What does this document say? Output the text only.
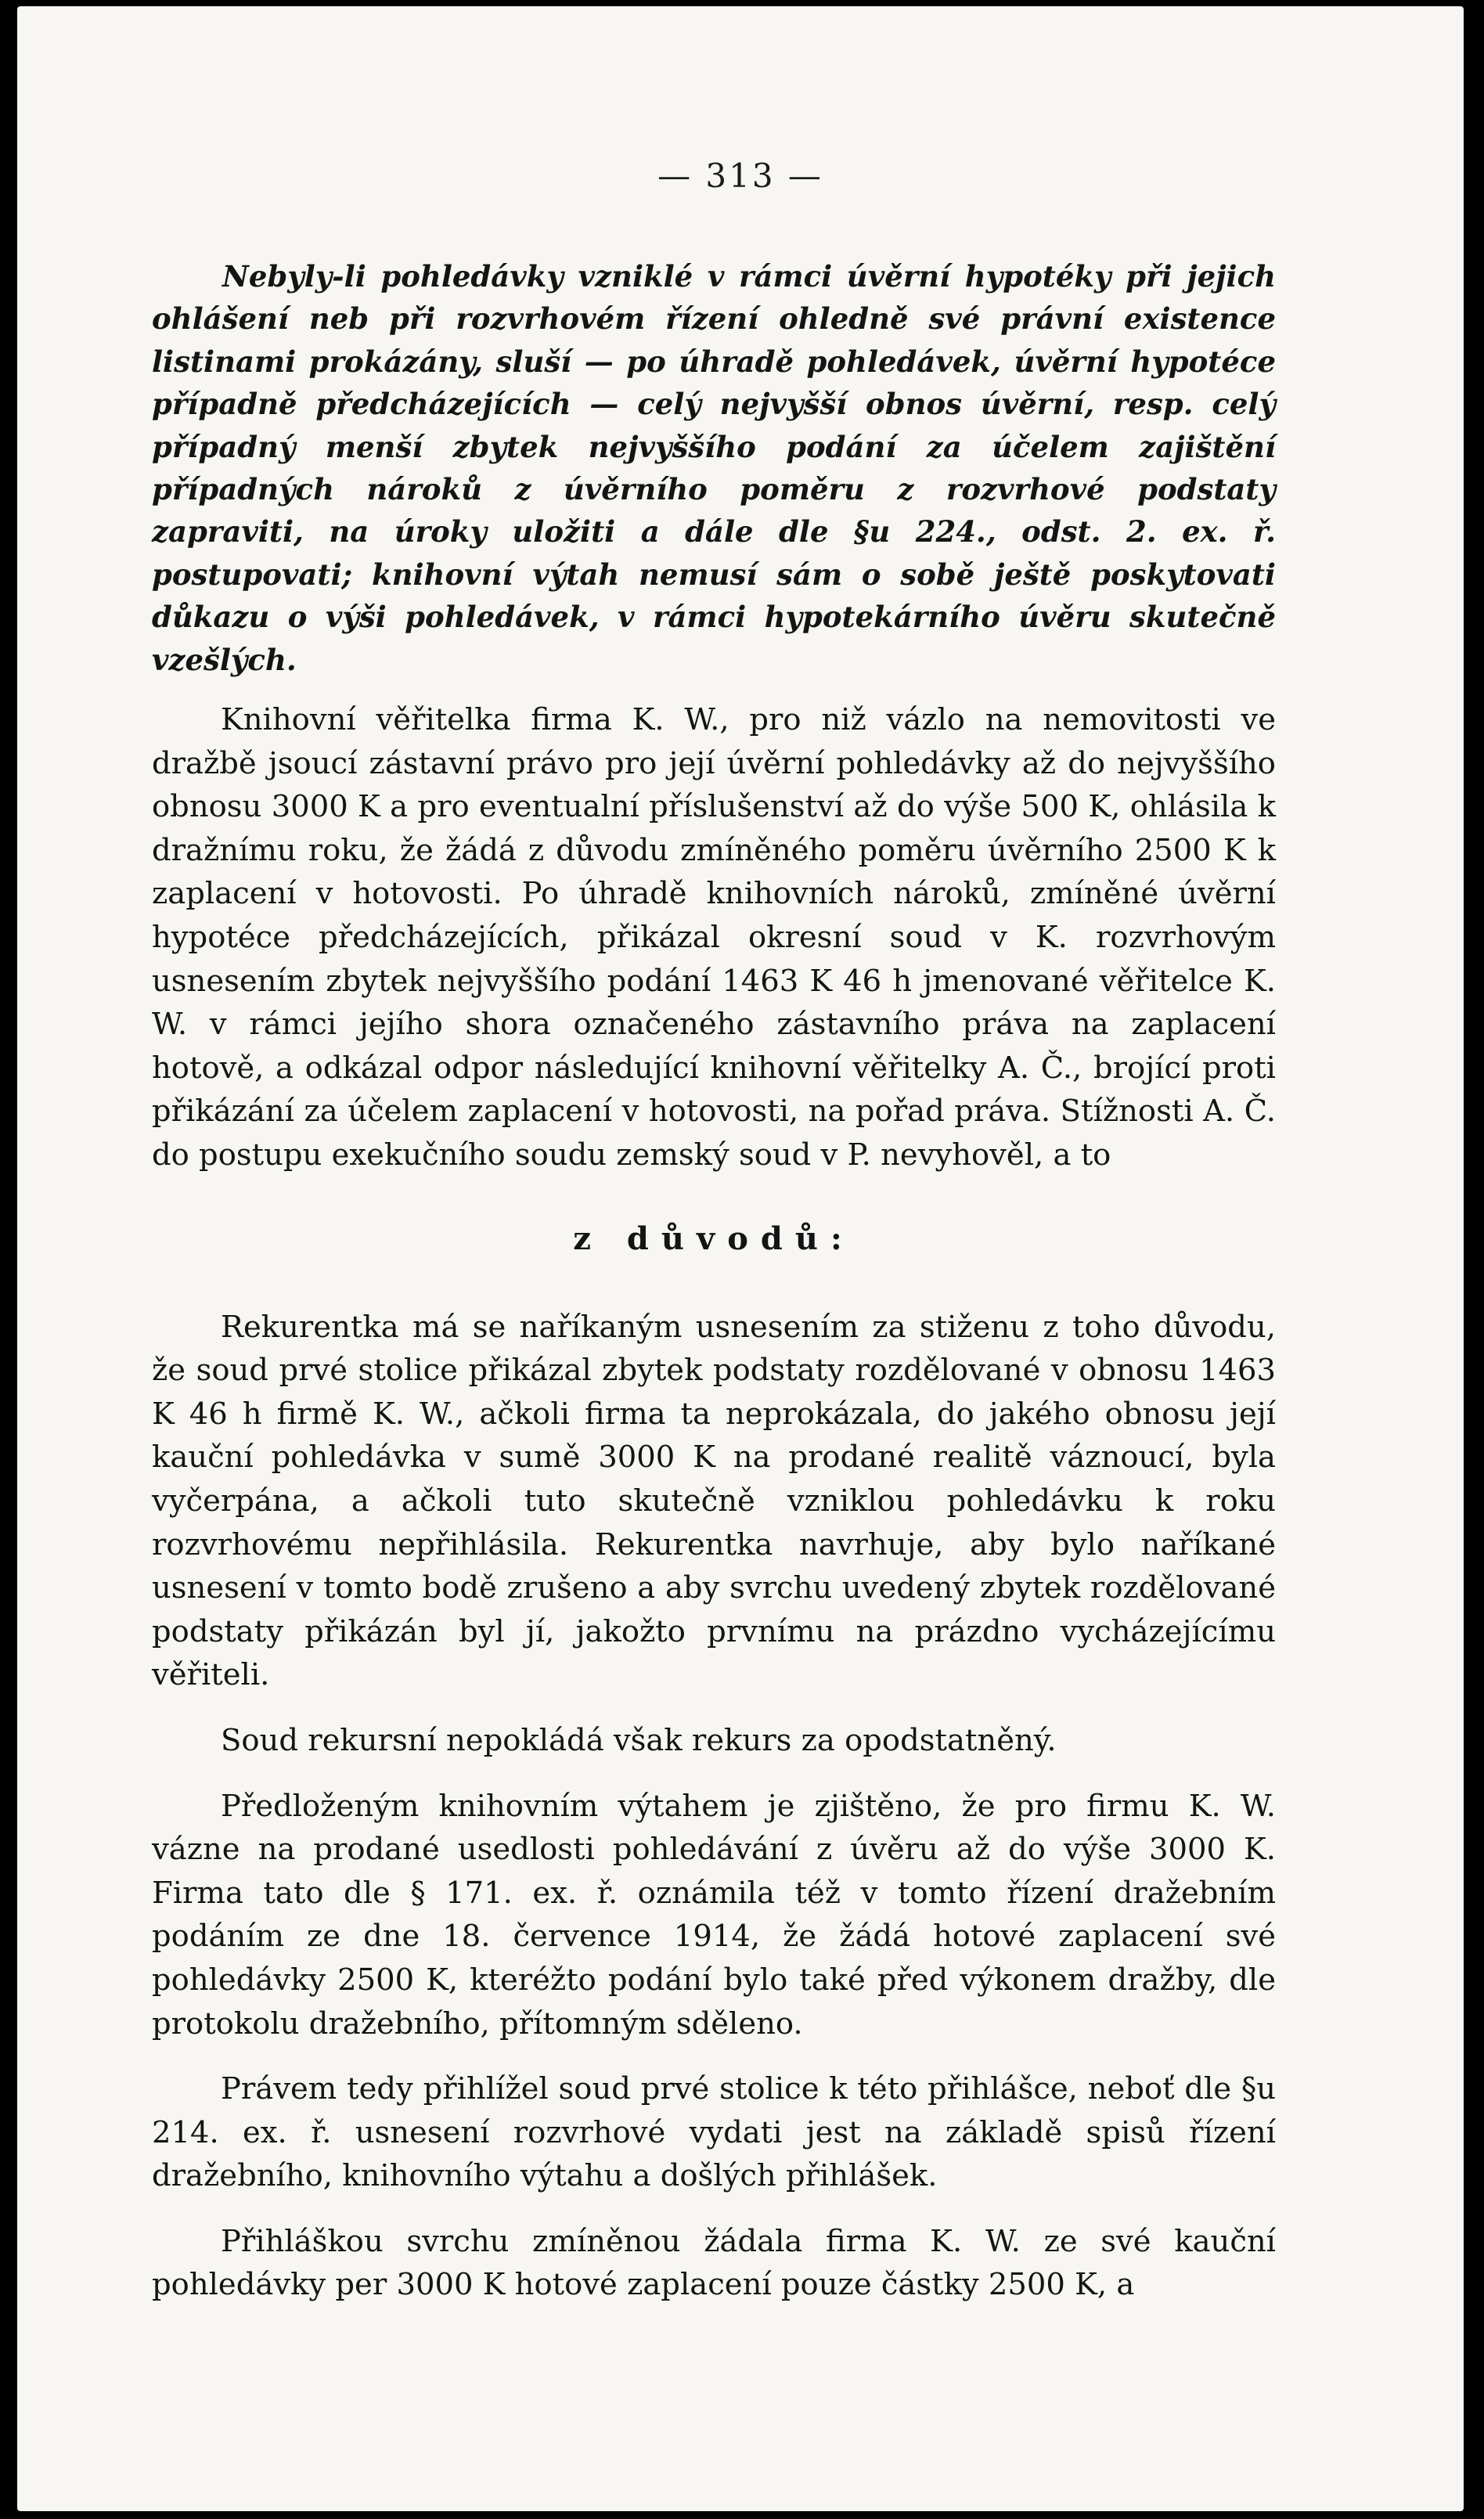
— 313 —

Nebyly-li pohledávky vzniklé v rámci úvěrní hypotéky při jejich ohlášení neb při rozvrhovém řízení ohledně své právní existence listinami prokázány, sluší — po úhradě pohledávek, úvěrní hypotéce případně předcházejících — celý nejvyšší obnos úvěrní, resp. celý případný menší zbytek nejvyššího podání za účelem zajištění případných nároků z úvěrního poměru z rozvrhové podstaty zapraviti, na úroky uložiti a dále dle §u 224., odst. 2. ex. ř. postupovati; knihovní výtah nemusí sám o sobě ještě poskytovati důkazu o výši pohledávek, v rámci hypotekárního úvěru skutečně vzešlých.

Knihovní věřitelka firma K. W., pro niž vázlo na nemovitosti ve dražbě jsoucí zástavní právo pro její úvěrní pohledávky až do nejvyššího obnosu 3000 K a pro eventualní příslušenství až do výše 500 K, ohlásila k dražnímu roku, že žádá z důvodu zmíněného poměru úvěrního 2500 K k zaplacení v hotovosti. Po úhradě knihovních nároků, zmíněné úvěrní hypotéce předcházejících, přikázal okresní soud v K. rozvrhovým usnesením zbytek nejvyššího podání 1463 K 46 h jmenované věřitelce K. W. v rámci jejího shora označeného zástavního práva na zaplacení hotově, a odkázal odpor následující knihovní věřitelky A. Č., brojící proti přikázání za účelem zaplacení v hotovosti, na pořad práva. Stížnosti A. Č. do postupu exekučního soudu zemský soud v P. nevyhověl, a to

z důvodů:

Rekurentka má se naříkaným usnesením za stiženu z toho důvodu, že soud prvé stolice přikázal zbytek podstaty rozdělované v obnosu 1463 K 46 h firmě K. W., ačkoli firma ta neprokázala, do jakého obnosu její kauční pohledávka v sumě 3000 K na prodané realitě váznoucí, byla vyčerpána, a ačkoli tuto skutečně vzniklou pohledávku k roku rozvrhovému nepřihlásila. Rekurentka navrhuje, aby bylo naříkané usnesení v tomto bodě zrušeno a aby svrchu uvedený zbytek rozdělované podstaty přikázán byl jí, jakožto prvnímu na prázdno vycházejícímu věřiteli.

Soud rekursní nepokládá však rekurs za opodstatněný.

Předloženým knihovním výtahem je zjištěno, že pro firmu K. W. vázne na prodané usedlosti pohledávání z úvěru až do výše 3000 K. Firma tato dle § 171. ex. ř. oznámila též v tomto řízení dražebním podáním ze dne 18. července 1914, že žádá hotové zaplacení své pohledávky 2500 K, kteréžto podání bylo také před výkonem dražby, dle protokolu dražebního, přítomným sděleno.

Právem tedy přihlížel soud prvé stolice k této přihlášce, neboť dle §u 214. ex. ř. usnesení rozvrhové vydati jest na základě spisů řízení dražebního, knihovního výtahu a došlých přihlášek.

Přihláškou svrchu zmíněnou žádala firma K. W. ze své kauční pohledávky per 3000 K hotové zaplacení pouze částky 2500 K, a
